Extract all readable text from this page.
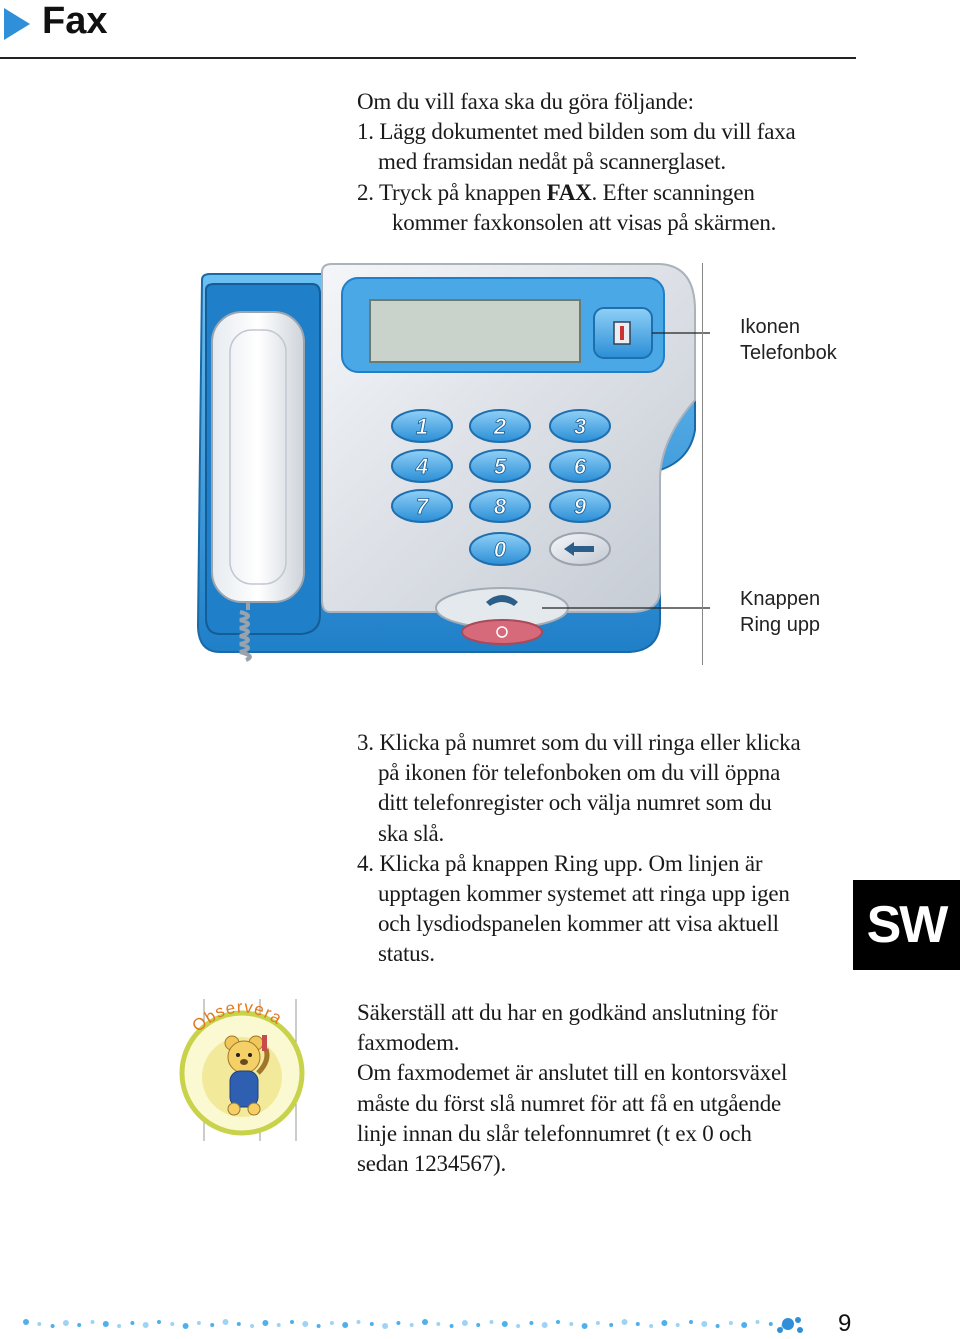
Fax

Om du vill faxa ska du göra följande:

1. Lägg dokumentet med bilden som du vill faxa

med framsidan nedåt på scannerglaset.

2. Tryck på knappen FAX. Efter scanningen

kommer faxkonsolen att visas på skärmen.

1	2	3
4	5	6
7	8	9
0

Ikonen

Telefonbok

Knappen

Ring upp

3. Klicka på numret som du vill ringa eller klicka

på ikonen för telefonboken om du vill öppna

ditt telefonregister och välja numret som du

ska slå.

4. Klicka på knappen Ring upp. Om linjen är

upptagen kommer systemet att ringa upp igen

och lysdiodspanelen kommer att visa aktuell

status.	SW
Observera	Säkerställ att du har en godkänd anslutning för

faxmodem.

Om faxmodemet är anslutet till en kontorsväxel

måste du först slå numret för att få en utgående

linje innan du slår telefonnumret (t ex 0 och

sedan 1234567).

9
